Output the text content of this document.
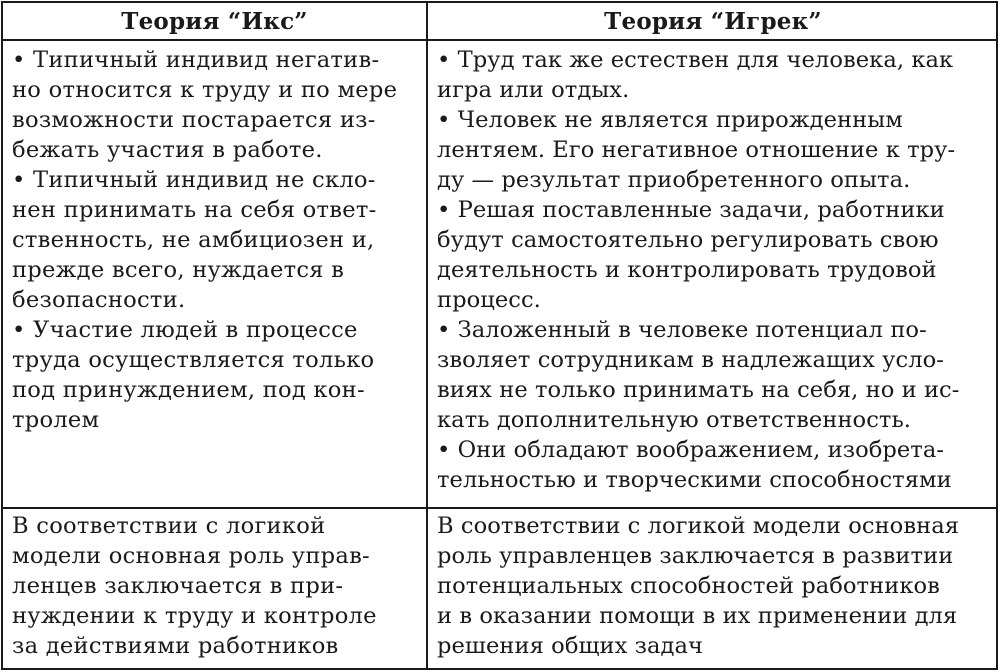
Теория “Икс”	Теория “Игрек”
• Типичный индивид негатив-
но относится к труду и по мере
возможности постарается из-
бежать участия в работе.
• Типичный индивид не скло-
нен принимать на себя ответ-
ственность, не амбициозен и,
прежде всего, нуждается в
безопасности.
• Участие людей в процессе
труда осуществляется только
под принуждением, под кон-
тролем
• Труд так же естествен для человека, как
игра или отдых.
• Человек не является прирожденным
лентяем. Его негативное отношение к тру-
ду — результат приобретенного опыта.
• Решая поставленные задачи, работники
будут самостоятельно регулировать свою
деятельность и контролировать трудовой
процесс.
• Заложенный в человеке потенциал по-
зволяет сотрудникам в надлежащих усло-
виях не только принимать на себя, но и ис-
кать дополнительную ответственность.
• Они обладают воображением, изобрета-
тельностью и творческими способностями
В соответствии с логикой
модели основная роль управ-
ленцев заключается в при-
нуждении к труду и контроле
за действиями работников
В соответствии с логикой модели основная
роль управленцев заключается в развитии
потенциальных способностей работников
и в оказании помощи в их применении для
решения общих задач
